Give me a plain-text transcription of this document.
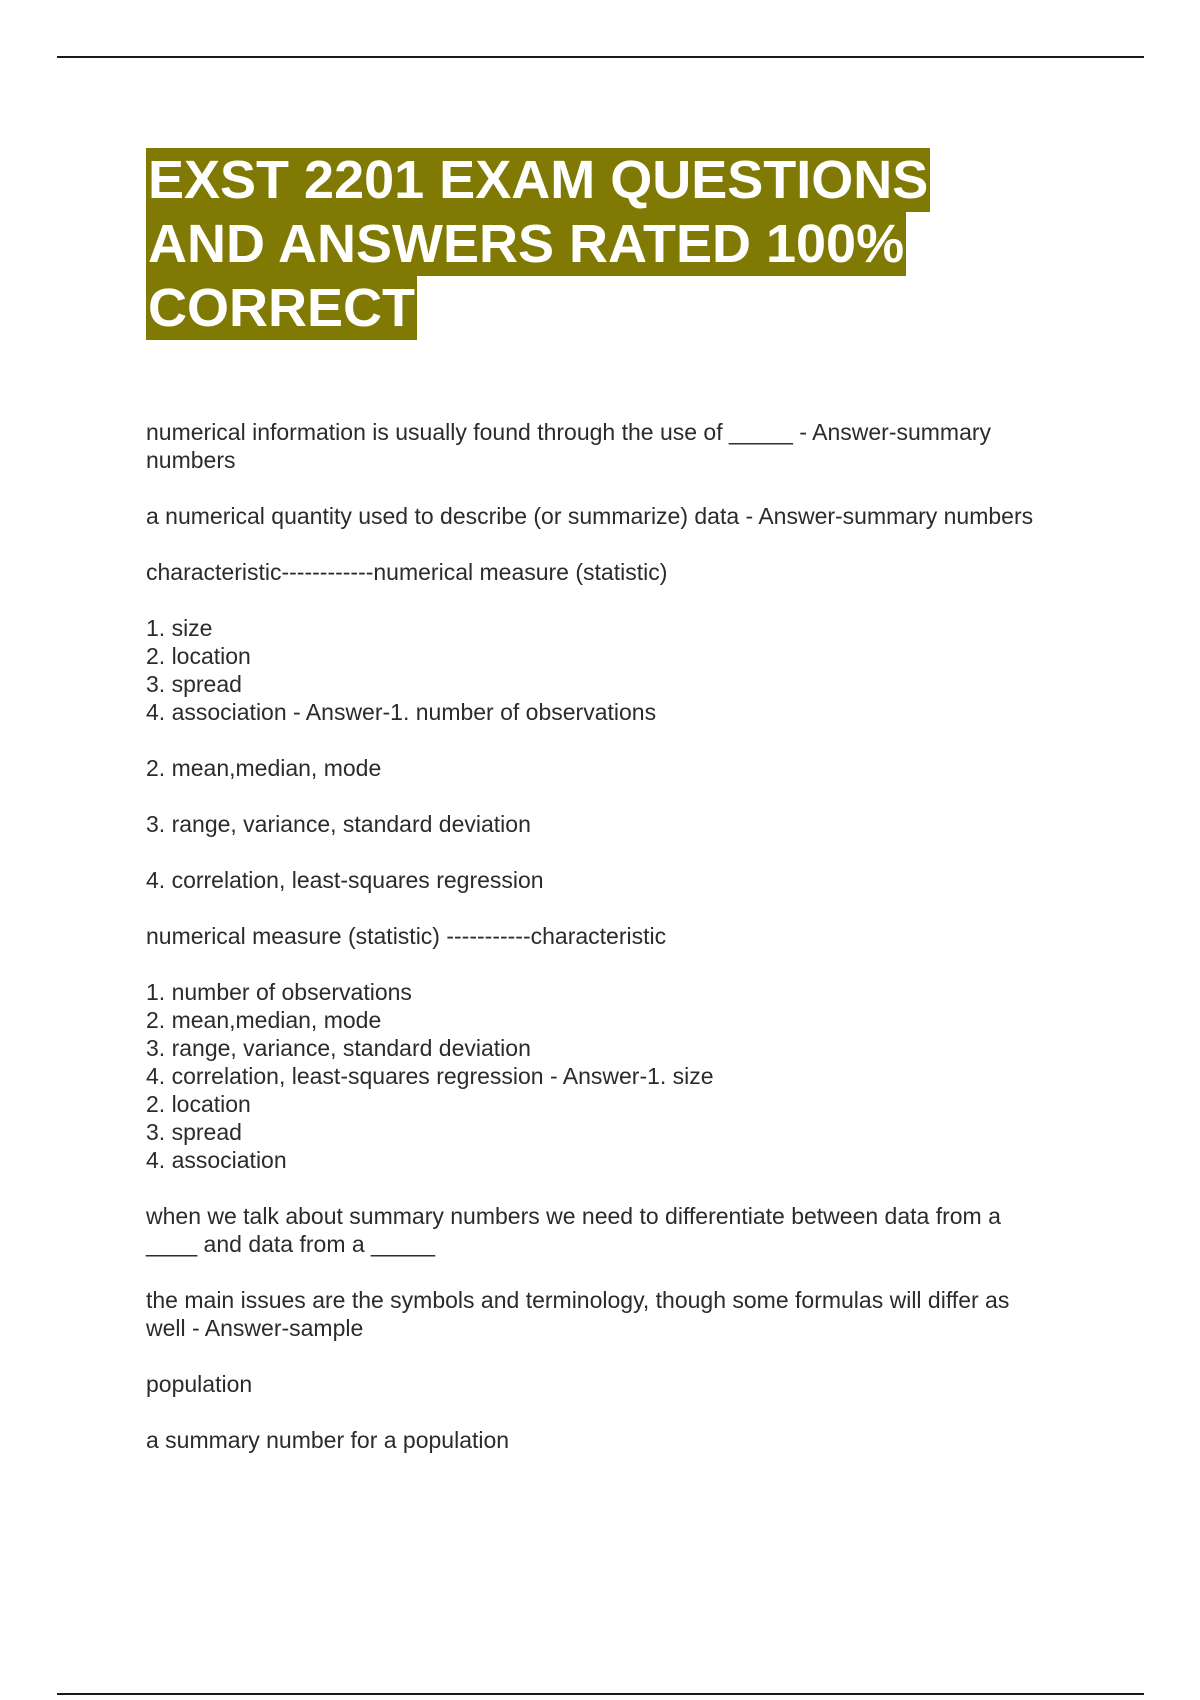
EXST 2201 EXAM QUESTIONS
AND ANSWERS RATED 100%
CORRECT

numerical information is usually found through the use of _____ - Answer-summary
numbers

a numerical quantity used to describe (or summarize) data - Answer-summary numbers

characteristic------------numerical measure (statistic)

1. size
2. location
3. spread
4. association - Answer-1. number of observations

2. mean,median, mode

3. range, variance, standard deviation

4. correlation, least-squares regression

numerical measure (statistic) -----------characteristic

1. number of observations
2. mean,median, mode
3. range, variance, standard deviation
4. correlation, least-squares regression - Answer-1. size
2. location
3. spread
4. association

when we talk about summary numbers we need to differentiate between data from a
____ and data from a _____

the main issues are the symbols and terminology, though some formulas will differ as
well - Answer-sample

population

a summary number for a population
